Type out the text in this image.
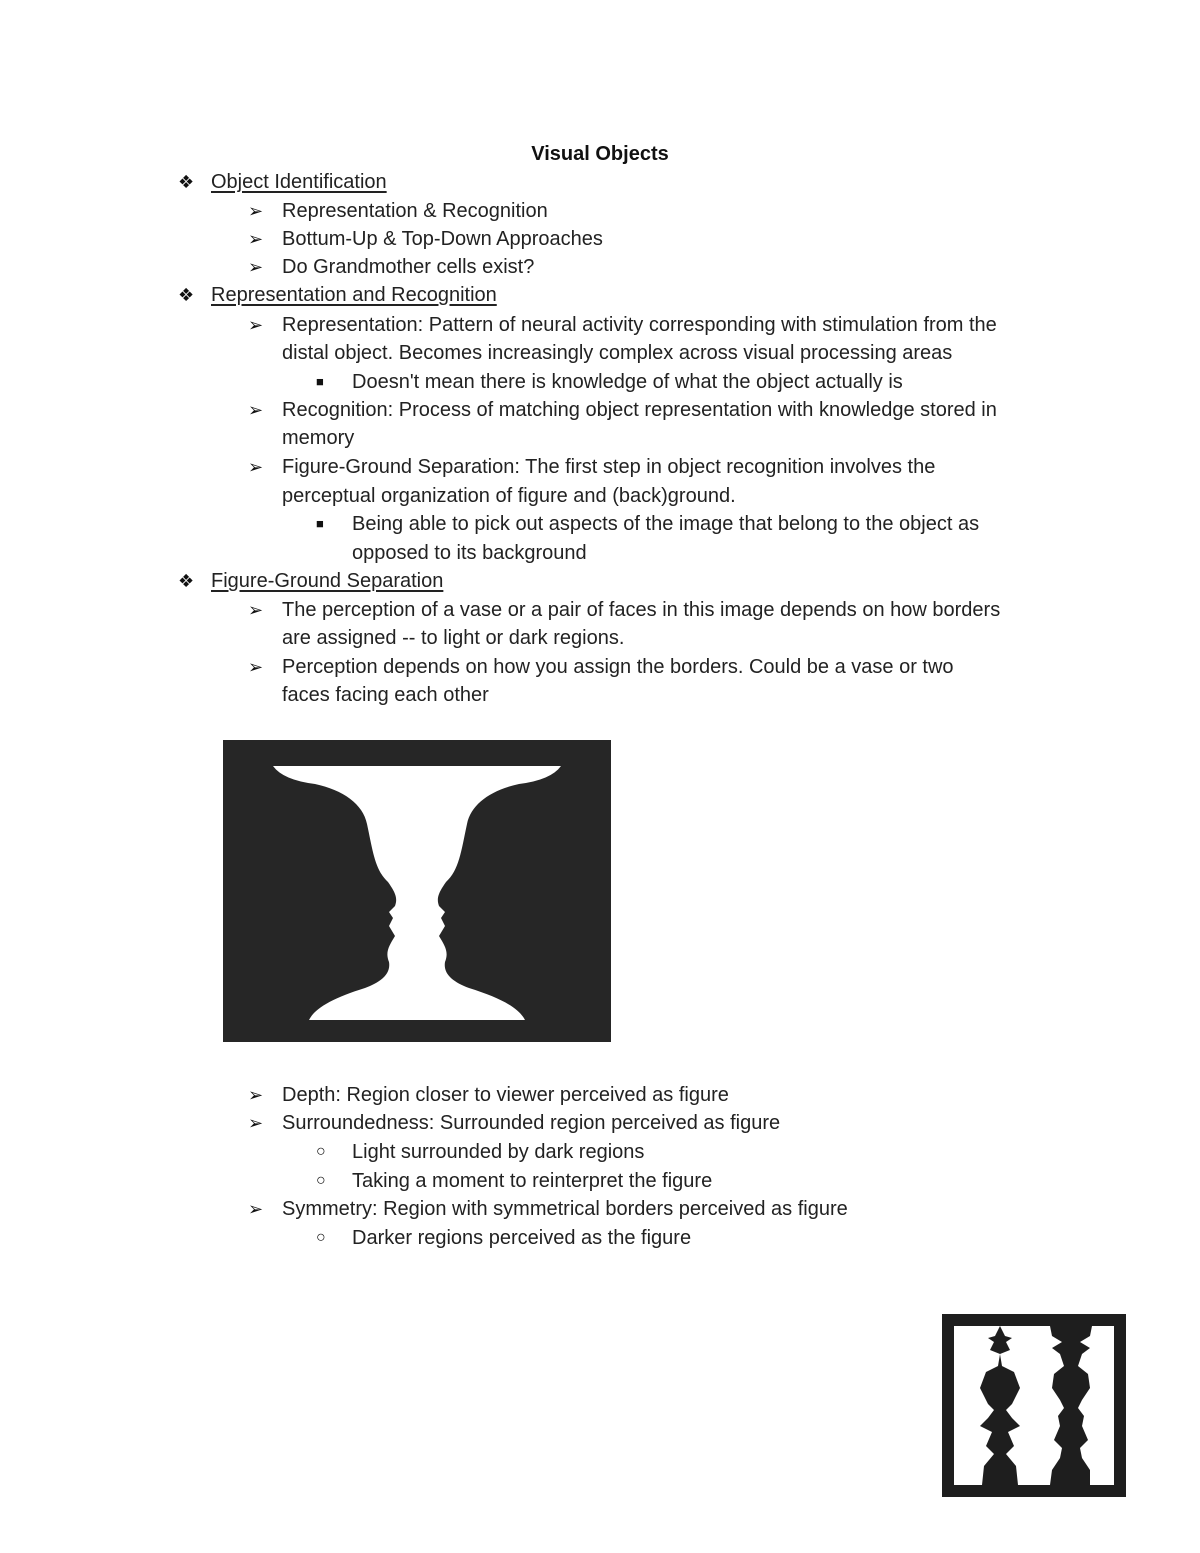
Visual Objects
❖ Object Identification
➢ Representation & Recognition
➢ Bottum-Up & Top-Down Approaches
➢ Do Grandmother cells exist?
❖ Representation and Recognition
➢ Representation: Pattern of neural activity corresponding with stimulation from the
distal object. Becomes increasingly complex across visual processing areas
■ Doesn't mean there is knowledge of what the object actually is
➢ Recognition: Process of matching object representation with knowledge stored in
memory
➢ Figure-Ground Separation: The first step in object recognition involves the
perceptual organization of figure and (back)ground.
■ Being able to pick out aspects of the image that belong to the object as
opposed to its background
❖ Figure-Ground Separation
➢ The perception of a vase or a pair of faces in this image depends on how borders
are assigned -- to light or dark regions.
➢ Perception depends on how you assign the borders. Could be a vase or two
faces facing each other
➢ Depth: Region closer to viewer perceived as figure
➢ Surroundedness: Surrounded region perceived as figure
○ Light surrounded by dark regions
○ Taking a moment to reinterpret the figure
➢ Symmetry: Region with symmetrical borders perceived as figure
○ Darker regions perceived as the figure
